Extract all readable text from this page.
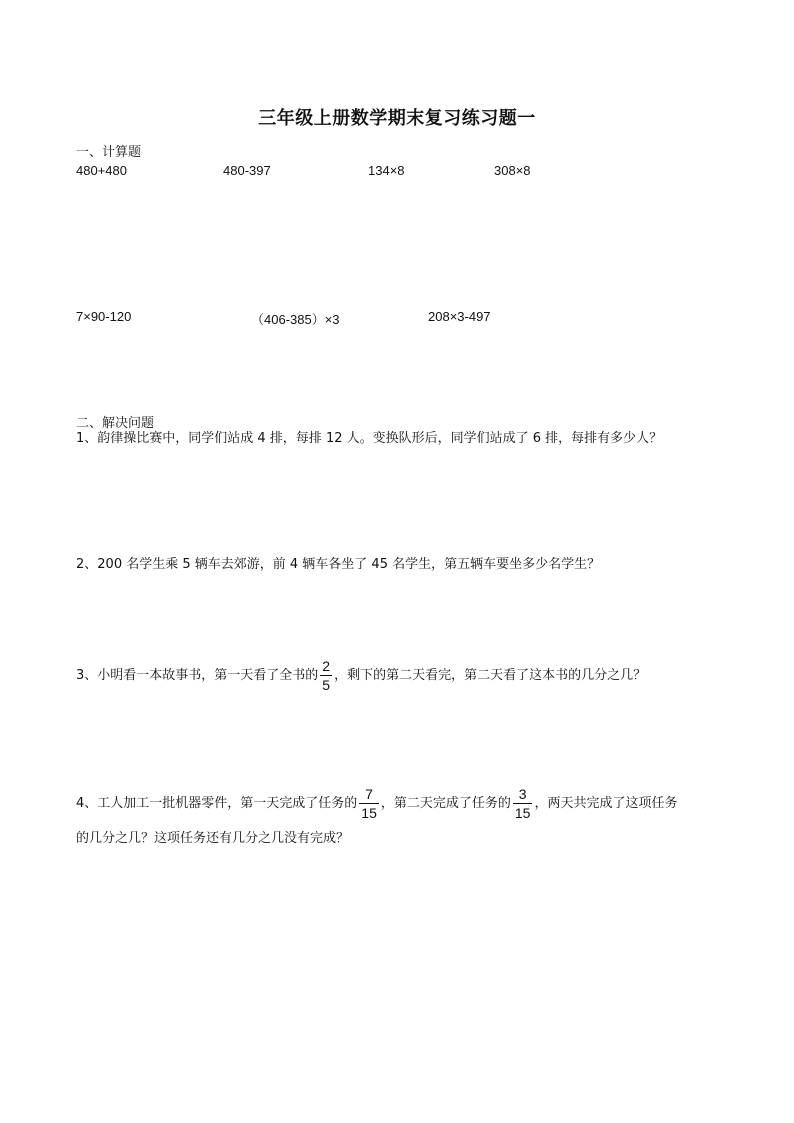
三年级上册数学期末复习练习题一
一、计算题
480+480	480-397	134×8	308×8
7×90-120	（406-385）×3	208×3-497
二、解决问题
1、韵律操比赛中，同学们站成 4 排，每排 12 人。变换队形后，同学们站成了 6 排，每排有多少人？
2、200 名学生乘 5 辆车去郊游，前 4 辆车各坐了 45 名学生，第五辆车要坐多少名学生？
3、小明看一本故事书，第一天看了全书的 $\frac{2}{5}$ ，剩下的第二天看完，第二天看了这本书的几分之几？
4、工人加工一批机器零件，第一天完成了任务的 $\frac{7}{15}$ ，第二天完成了任务的 $\frac{3}{15}$ ，两天共完成了这项任务
的几分之几？这项任务还有几分之几没有完成？
